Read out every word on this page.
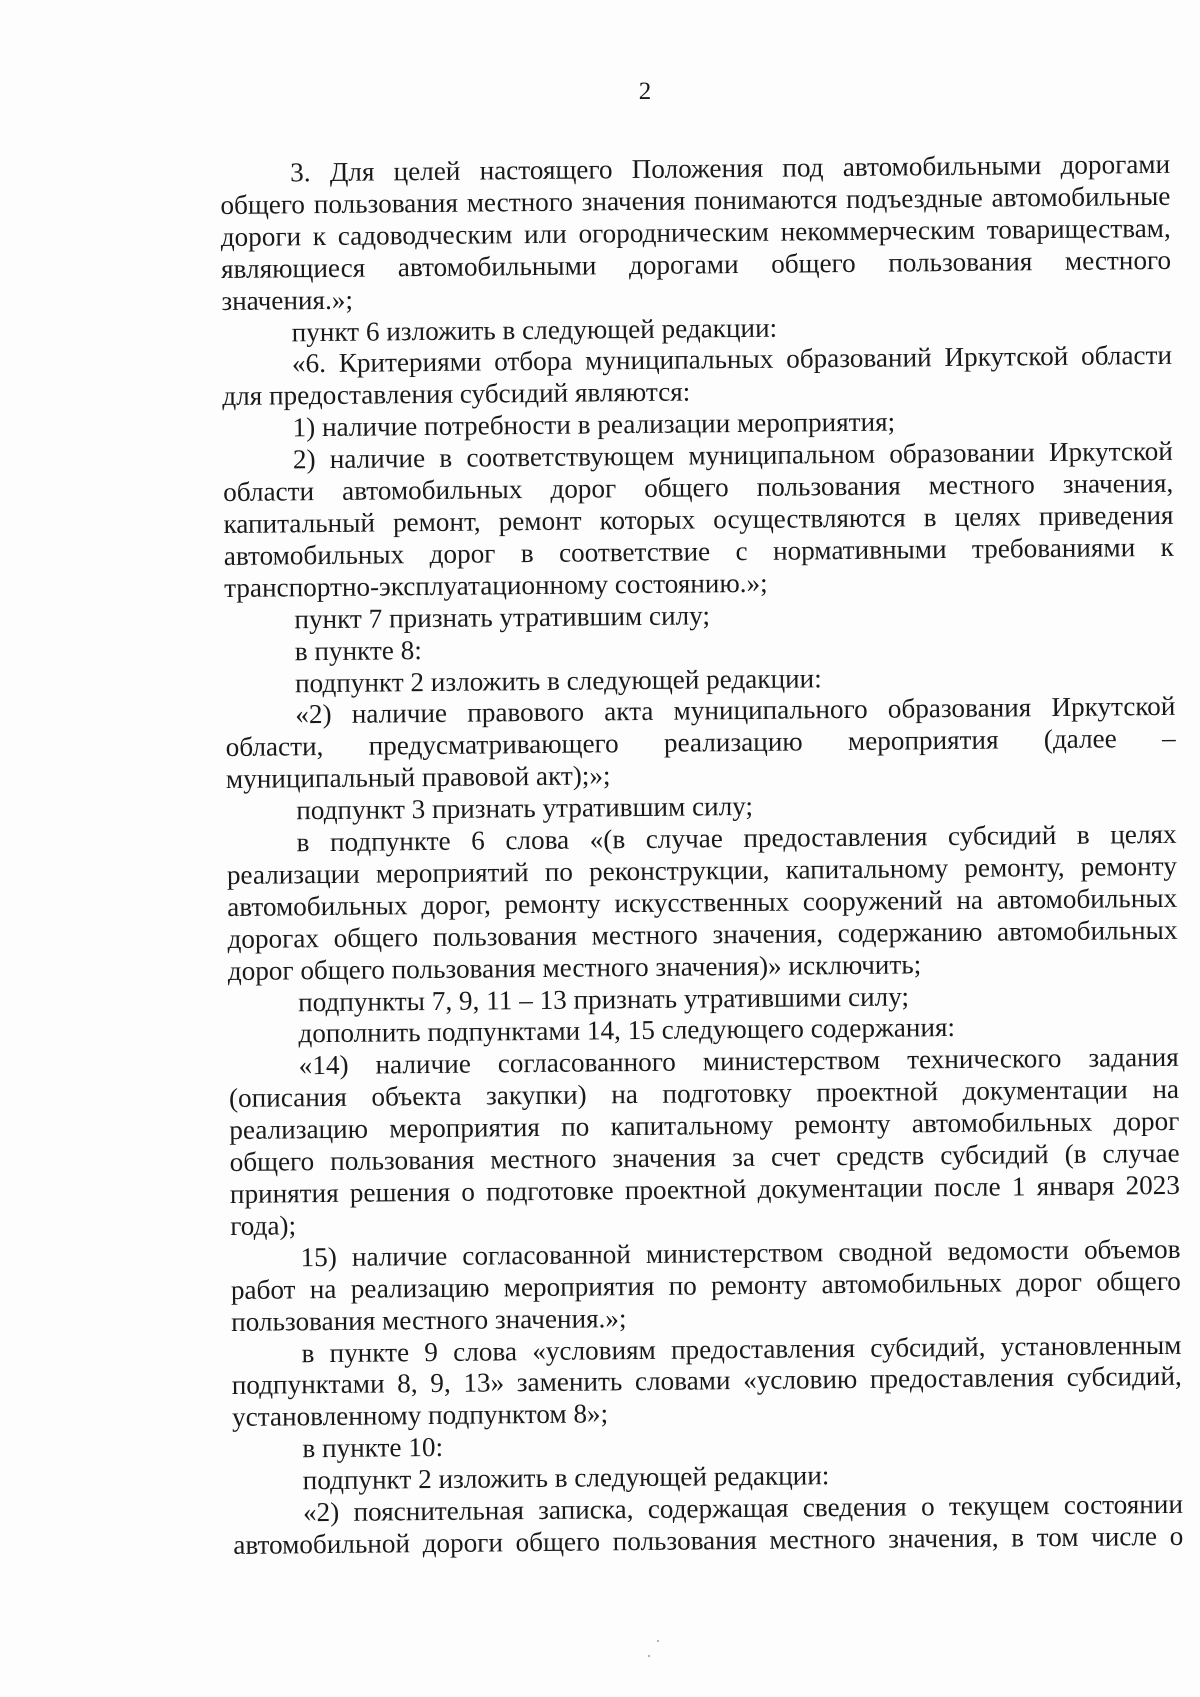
2

3. Для целей настоящего Положения под автомобильными дорогами общего пользования местного значения понимаются подъездные автомобильные дороги к садоводческим или огородническим некоммерческим товариществам, являющиеся автомобильными дорогами общего пользования местного значения.»;

пункт 6 изложить в следующей редакции:

«6. Критериями отбора муниципальных образований Иркутской области для предоставления субсидий являются:

1) наличие потребности в реализации мероприятия;

2) наличие в соответствующем муниципальном образовании Иркутской области автомобильных дорог общего пользования местного значения, капитальный ремонт, ремонт которых осуществляются в целях приведения автомобильных дорог в соответствие с нормативными требованиями к транспортно-эксплуатационному состоянию.»;

пункт 7 признать утратившим силу;

в пункте 8:

подпункт 2 изложить в следующей редакции:

«2) наличие правового акта муниципального образования Иркутской области, предусматривающего реализацию мероприятия (далее – муниципальный правовой акт);»;

подпункт 3 признать утратившим силу;

в подпункте 6 слова «(в случае предоставления субсидий в целях реализации мероприятий по реконструкции, капитальному ремонту, ремонту автомобильных дорог, ремонту искусственных сооружений на автомобильных дорогах общего пользования местного значения, содержанию автомобильных дорог общего пользования местного значения)» исключить;

подпункты 7, 9, 11 – 13 признать утратившими силу;

дополнить подпунктами 14, 15 следующего содержания:

«14) наличие согласованного министерством технического задания (описания объекта закупки) на подготовку проектной документации на реализацию мероприятия по капитальному ремонту автомобильных дорог общего пользования местного значения за счет средств субсидий (в случае принятия решения о подготовке проектной документации после 1 января 2023 года);

15) наличие согласованной министерством сводной ведомости объемов работ на реализацию мероприятия по ремонту автомобильных дорог общего пользования местного значения.»;

в пункте 9 слова «условиям предоставления субсидий, установленным подпунктами 8, 9, 13» заменить словами «условию предоставления субсидий, установленному подпунктом 8»;

в пункте 10:

подпункт 2 изложить в следующей редакции:

«2) пояснительная записка, содержащая сведения о текущем состоянии автомобильной дороги общего пользования местного значения, в том числе о
